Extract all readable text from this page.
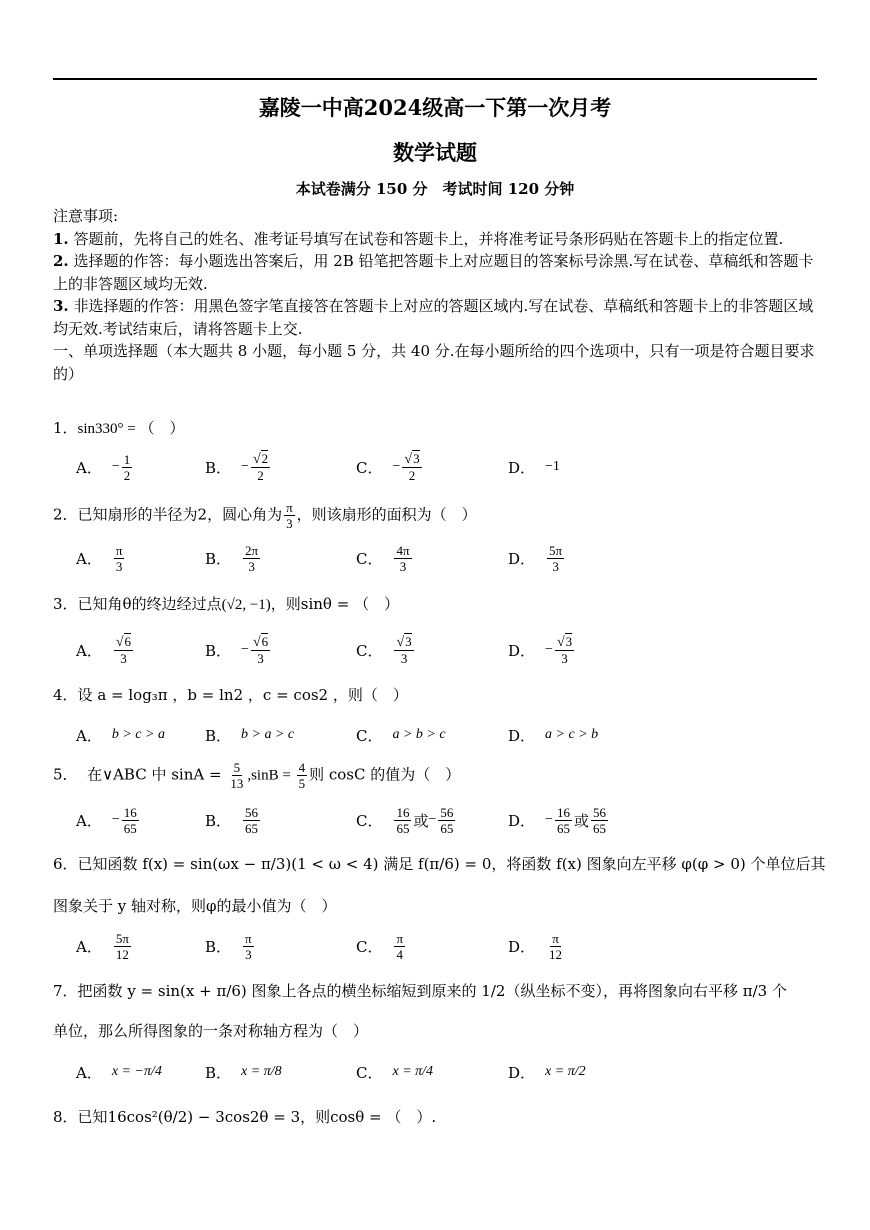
嘉陵一中高2024级高一下第一次月考
数学试题
本试卷满分 150 分　考试时间 120 分钟
注意事项:
1. 答题前，先将自己的姓名、准考证号填写在试卷和答题卡上，并将准考证号条形码贴在答题卡上的指定位置.
2. 选择题的作答：每小题选出答案后，用 2B 铅笔把答题卡上对应题目的答案标号涂黑.写在试卷、草稿纸和答题卡上的非答题区域均无效.
3. 非选择题的作答：用黑色签字笔直接答在答题卡上对应的答题区域内.写在试卷、草稿纸和答题卡上的非答题区域均无效.考试结束后，请将答题卡上交.
一、单项选择题（本大题共 8 小题，每小题 5 分，共 40 分.在每小题所给的四个选项中，只有一项是符合题目要求的）
1．sin330° = （　）
A． − $\frac{1}{2}$	B． − $\frac{√2}{2}$	C． − $\frac{√3}{2}$	D． −1
2．已知扇形的半径为2，圆心角为 $\frac{\pi}{3}$ ，则该扇形的面积为（　）
A． $\frac{\pi}{3}$	B． $\frac{2\pi}{3}$	C． $\frac{4\pi}{3}$	D． $\frac{5\pi}{3}$
3．已知角θ的终边经过点(√2, −1)，则sinθ = （　）
A． $\frac{√6}{3}$	B． − $\frac{√6}{3}$	C． $\frac{√3}{3}$	D． − $\frac{√3}{3}$
4．设 a = log₃π ，b = ln2 ，c = cos2 ，则（　）
A． b > c > a	B． b > a > c	C． a > b > c	D． a > c > b
5． 在∨ABC 中 $\sin A = \frac{5}{13} ,\sin B = \frac{4}{5}$ 则 cosC 的值为（　）
A． − $\frac{16}{65}$	B． $\frac{56}{65}$	C． $\frac{16}{65}$ 或 − $\frac{56}{65}$	D． − $\frac{16}{65}$ 或 $\frac{56}{65}$
6．已知函数 f(x) = sin(ωx − π/3)(1 < ω < 4) 满足 f(π/6) = 0，将函数 f(x) 图象向左平移 φ(φ > 0) 个单位后其
图象关于 y 轴对称，则φ的最小值为（　）
A． $\frac{5\pi}{12}$	B． $\frac{\pi}{3}$	C． $\frac{\pi}{4}$	D． $\frac{\pi}{12}$
7．把函数 y = sin(x + π/6) 图象上各点的横坐标缩短到原来的 1/2（纵坐标不变），再将图象向右平移 π/3 个
单位，那么所得图象的一条对称轴方程为（　）
A． x = −π/4	B． x = π/8	C． x = π/4	D． x = π/2
8．已知16cos²(θ/2) − 3cos2θ = 3，则cosθ = （　）.
